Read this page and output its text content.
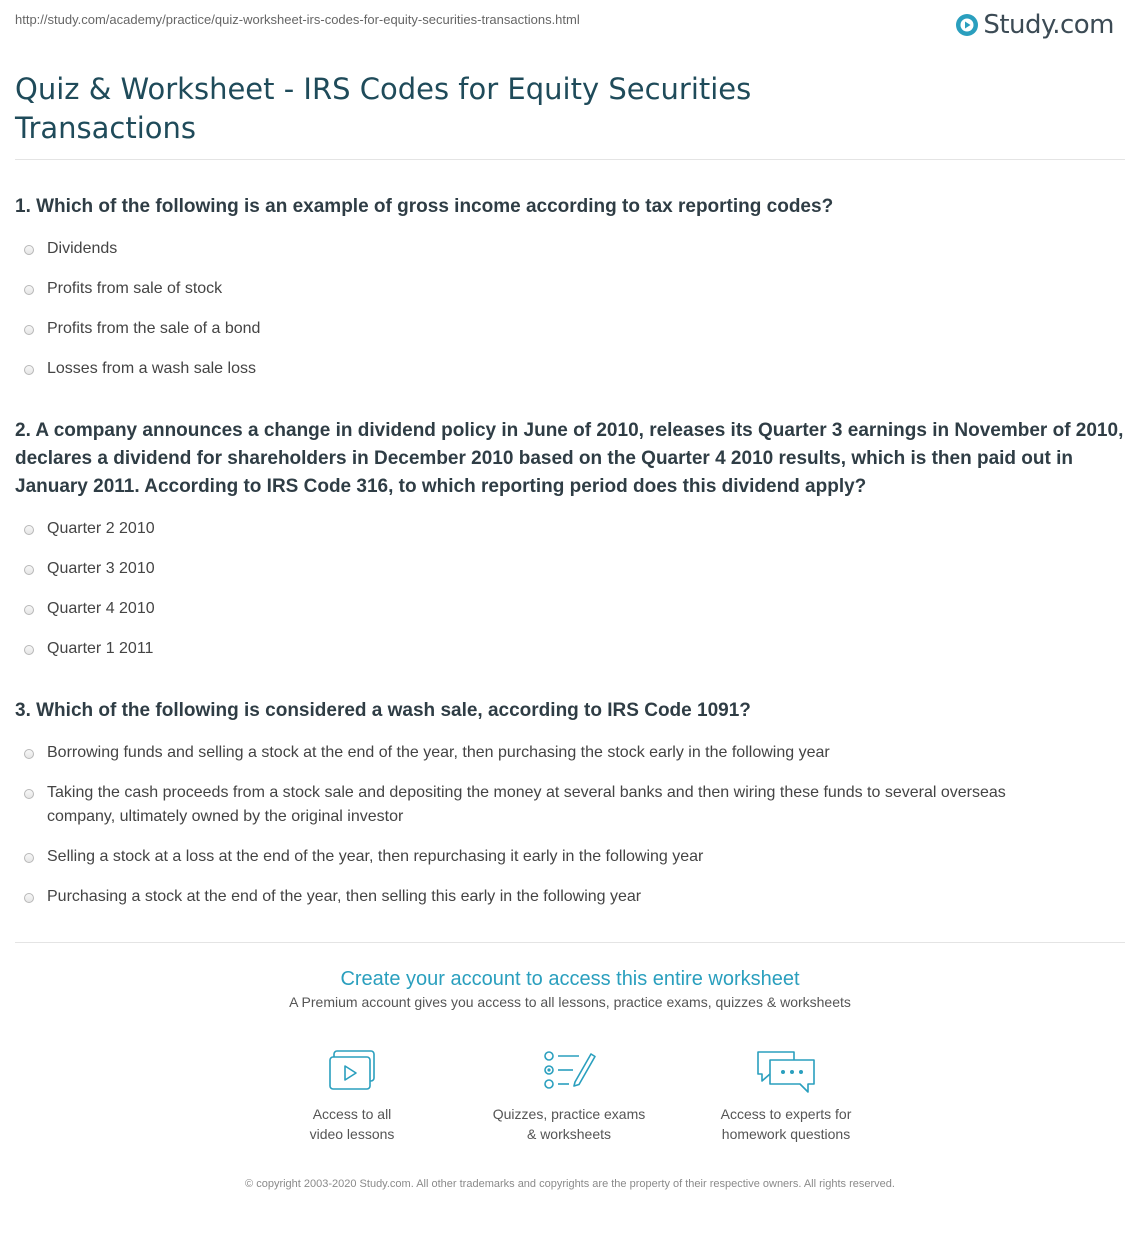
http://study.com/academy/practice/quiz-worksheet-irs-codes-for-equity-securities-transactions.html	Study.com
Quiz & Worksheet - IRS Codes for Equity Securities Transactions

1. Which of the following is an example of gross income according to tax reporting codes?

Dividends
Profits from sale of stock
Profits from the sale of a bond
Losses from a wash sale loss

2. A company announces a change in dividend policy in June of 2010, releases its Quarter 3 earnings in November of 2010, declares a dividend for shareholders in December 2010 based on the Quarter 4 2010 results, which is then paid out in January 2011. According to IRS Code 316, to which reporting period does this dividend apply?

Quarter 2 2010
Quarter 3 2010
Quarter 4 2010
Quarter 1 2011

3. Which of the following is considered a wash sale, according to IRS Code 1091?

Borrowing funds and selling a stock at the end of the year, then purchasing the stock early in the following year
Taking the cash proceeds from a stock sale and depositing the money at several banks and then wiring these funds to several overseas company, ultimately owned by the original investor
Selling a stock at a loss at the end of the year, then repurchasing it early in the following year
Purchasing a stock at the end of the year, then selling this early in the following year
Create your account to access this entire worksheet
A Premium account gives you access to all lessons, practice exams, quizzes & worksheets
Access to all
video lessons
Quizzes, practice exams
& worksheets
Access to experts for
homework questions
© copyright 2003-2020 Study.com. All other trademarks and copyrights are the property of their respective owners. All rights reserved.
